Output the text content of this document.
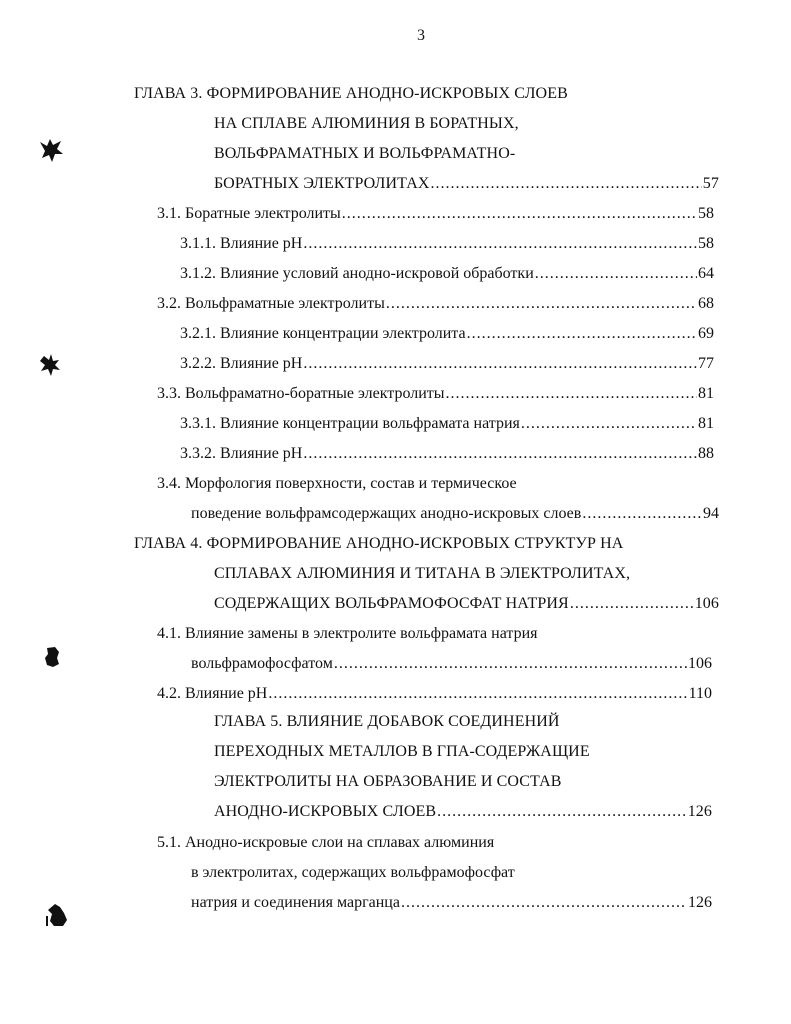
3
ГЛАВА 3. ФОРМИРОВАНИЕ АНОДНО-ИСКРОВЫХ СЛОЕВ
НА СПЛАВЕ АЛЮМИНИЯ В БОРАТНЫХ,
ВОЛЬФРАМАТНЫХ И ВОЛЬФРАМАТНО-
БОРАТНЫХ ЭЛЕКТРОЛИТАХ .....	57
3.1. Боратные электролиты .....	58
3.1.1. Влияние pH .....	58
3.1.2. Влияние условий анодно-искровой обработки .....	64
3.2. Вольфраматные электролиты .....	68
3.2.1. Влияние концентрации электролита .....	69
3.2.2. Влияние pH .....	77
3.3. Вольфраматно-боратные электролиты .....	81
3.3.1. Влияние концентрации вольфрамата натрия .....	81
3.3.2. Влияние pH .....	88
3.4. Морфология поверхности, состав и термическое
поведение вольфрамсодержащих анодно-искровых слоев .....	94
ГЛАВА 4. ФОРМИРОВАНИЕ АНОДНО-ИСКРОВЫХ СТРУКТУР НА
СПЛАВАХ АЛЮМИНИЯ И ТИТАНА В ЭЛЕКТРОЛИТАХ,
СОДЕРЖАЩИХ ВОЛЬФРАМОФОСФАТ НАТРИЯ .....	106
4.1. Влияние замены в электролите вольфрамата натрия
вольфрамофосфатом .....	106
4.2. Влияние pH .....	110
ГЛАВА 5. ВЛИЯНИЕ ДОБАВОК СОЕДИНЕНИЙ
ПЕРЕХОДНЫХ МЕТАЛЛОВ В ГПА-СОДЕРЖАЩИЕ
ЭЛЕКТРОЛИТЫ НА ОБРАЗОВАНИЕ И СОСТАВ
АНОДНО-ИСКРОВЫХ СЛОЕВ .....	126
5.1. Анодно-искровые слои на сплавах алюминия
в электролитах, содержащих вольфрамофосфат
натрия и соединения марганца .....	126
